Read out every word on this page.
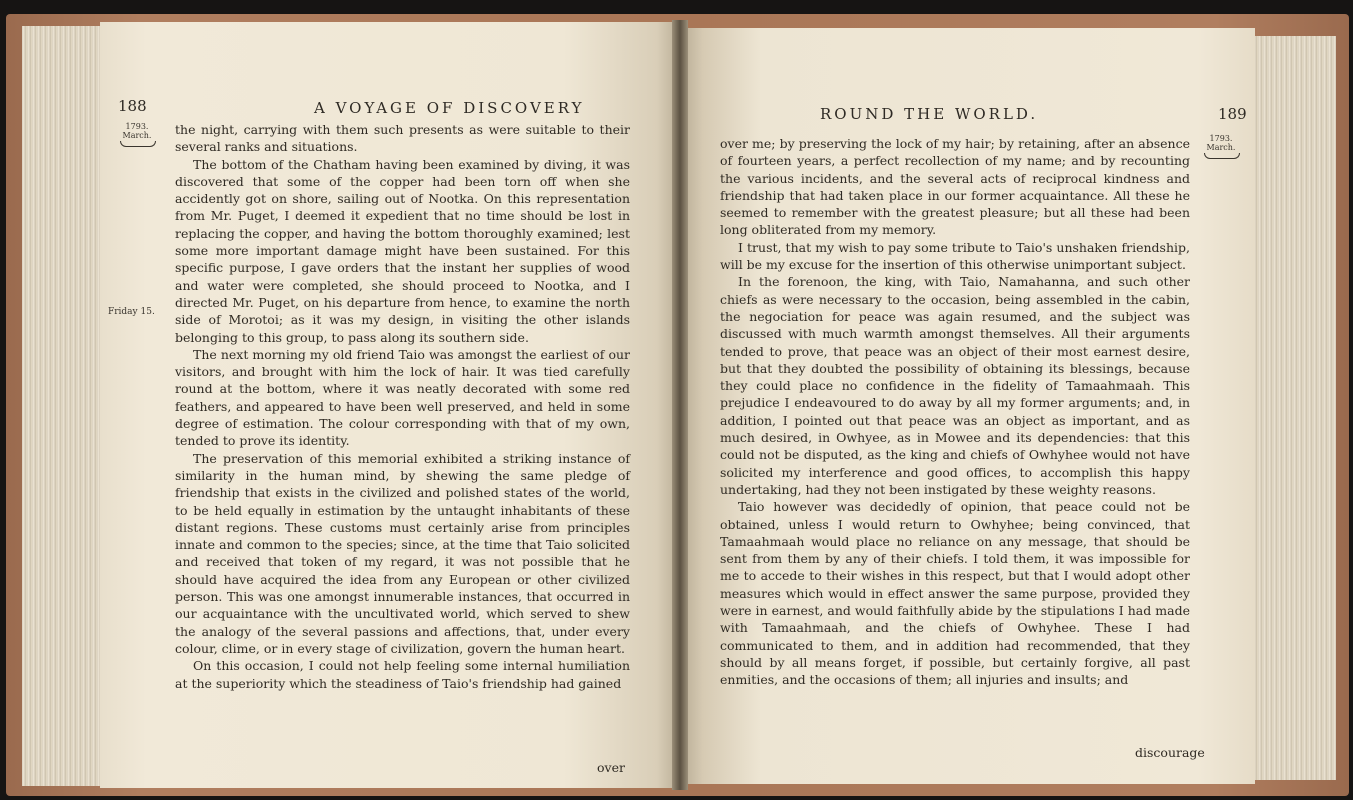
188	A VOYAGE OF DISCOVERY
1793.
March.
Friday 15.

the night, carrying with them such presents as were suitable to their several ranks and situations.

The bottom of the Chatham having been examined by diving, it was discovered that some of the copper had been torn off when she accidently got on shore, sailing out of Nootka. On this representation from Mr. Puget, I deemed it expedient that no time should be lost in replacing the copper, and having the bottom thoroughly examined; lest some more important damage might have been sustained. For this specific purpose, I gave orders that the instant her supplies of wood and water were completed, she should proceed to Nootka, and I directed Mr. Puget, on his departure from hence, to examine the north side of Morotoi; as it was my design, in visiting the other islands belonging to this group, to pass along its southern side.

The next morning my old friend Taio was amongst the earliest of our visitors, and brought with him the lock of hair. It was tied carefully round at the bottom, where it was neatly decorated with some red feathers, and appeared to have been well preserved, and held in some degree of estimation. The colour corresponding with that of my own, tended to prove its identity.

The preservation of this memorial exhibited a striking instance of similarity in the human mind, by shewing the same pledge of friendship that exists in the civilized and polished states of the world, to be held equally in estimation by the untaught inhabitants of these distant regions. These customs must certainly arise from principles innate and common to the species; since, at the time that Taio solicited and received that token of my regard, it was not possible that he should have acquired the idea from any European or other civilized person. This was one amongst innumerable instances, that occurred in our acquaintance with the uncultivated world, which served to shew the analogy of the several passions and affections, that, under every colour, clime, or in every stage of civilization, govern the human heart.

On this occasion, I could not help feeling some internal humiliation at the superiority which the steadiness of Taio's friendship had gained

over
ROUND THE WORLD.	189
1793.
March.

over me; by preserving the lock of my hair; by retaining, after an absence of fourteen years, a perfect recollection of my name; and by recounting the various incidents, and the several acts of reciprocal kindness and friendship that had taken place in our former acquaintance. All these he seemed to remember with the greatest pleasure; but all these had been long obliterated from my memory.

I trust, that my wish to pay some tribute to Taio's unshaken friendship, will be my excuse for the insertion of this otherwise unimportant subject.

In the forenoon, the king, with Taio, Namahanna, and such other chiefs as were necessary to the occasion, being assembled in the cabin, the negociation for peace was again resumed, and the subject was discussed with much warmth amongst themselves. All their arguments tended to prove, that peace was an object of their most earnest desire, but that they doubted the possibility of obtaining its blessings, because they could place no confidence in the fidelity of Tamaahmaah. This prejudice I endeavoured to do away by all my former arguments; and, in addition, I pointed out that peace was an object as important, and as much desired, in Owhyee, as in Mowee and its dependencies: that this could not be disputed, as the king and chiefs of Owhyhee would not have solicited my interference and good offices, to accomplish this happy undertaking, had they not been instigated by these weighty reasons.

Taio however was decidedly of opinion, that peace could not be obtained, unless I would return to Owhyhee; being convinced, that Tamaahmaah would place no reliance on any message, that should be sent from them by any of their chiefs. I told them, it was impossible for me to accede to their wishes in this respect, but that I would adopt other measures which would in effect answer the same purpose, provided they were in earnest, and would faithfully abide by the stipulations I had made with Tamaahmaah, and the chiefs of Owhyhee. These I had communicated to them, and in addition had recommended, that they should by all means forget, if possible, but certainly forgive, all past enmities, and the occasions of them; all injuries and insults; and

discourage
